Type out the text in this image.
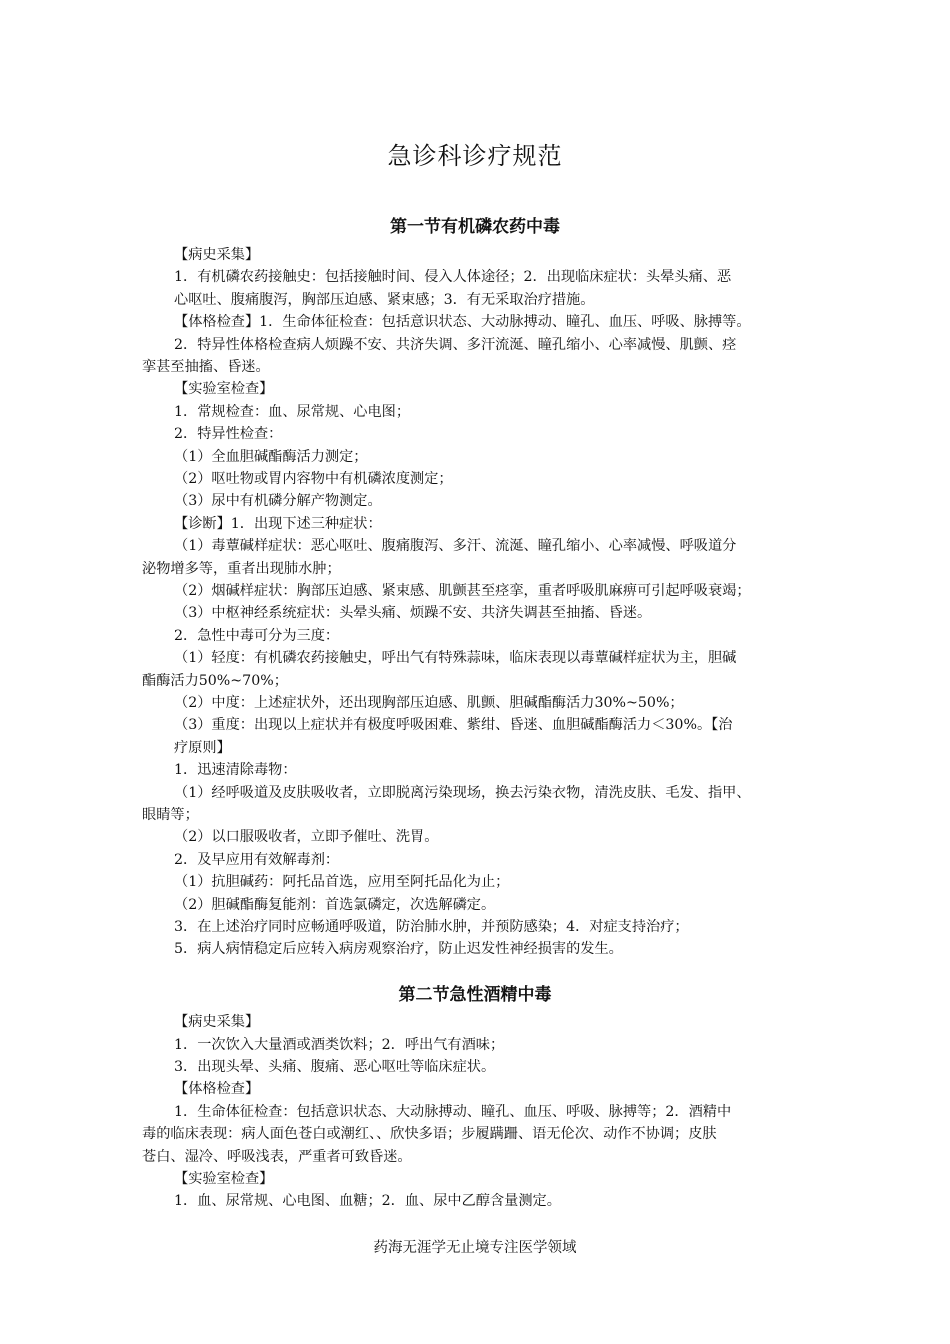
急诊科诊疗规范
第一节有机磷农药中毒
【病史采集】
1．有机磷农药接触史：包括接触时间、侵入人体途径；2．出现临床症状：头晕头痛、恶
心呕吐、腹痛腹泻，胸部压迫感、紧束感；3．有无采取治疗措施。
【体格检查】1．生命体征检查：包括意识状态、大动脉搏动、瞳孔、血压、呼吸、脉搏等。
2．特异性体格检查病人烦躁不安、共济失调、多汗流涎、瞳孔缩小、心率减慢、肌颤、痉
挛甚至抽搐、昏迷。
【实验室检查】
1．常规检查：血、尿常规、心电图；
2．特异性检查：
（1）全血胆碱酯酶活力测定；
（2）呕吐物或胃内容物中有机磷浓度测定；
（3）尿中有机磷分解产物测定。
【诊断】1．出现下述三种症状：
（1）毒蕈碱样症状：恶心呕吐、腹痛腹泻、多汗、流涎、瞳孔缩小、心率减慢、呼吸道分
泌物增多等，重者出现肺水肿；
（2）烟碱样症状：胸部压迫感、紧束感、肌颤甚至痉挛，重者呼吸肌麻痹可引起呼吸衰竭；
（3）中枢神经系统症状：头晕头痛、烦躁不安、共济失调甚至抽搐、昏迷。
2．急性中毒可分为三度：
（1）轻度：有机磷农药接触史，呼出气有特殊蒜味，临床表现以毒蕈碱样症状为主，胆碱
酯酶活力50%~70%；
（2）中度：上述症状外，还出现胸部压迫感、肌颤、胆碱酯酶活力30%~50%；
（3）重度：出现以上症状并有极度呼吸困难、紫绀、昏迷、血胆碱酯酶活力＜30%。【治
疗原则】
1．迅速清除毒物：
（1）经呼吸道及皮肤吸收者，立即脱离污染现场，换去污染衣物，清洗皮肤、毛发、指甲、
眼睛等；
（2）以口服吸收者，立即予催吐、洗胃。
2．及早应用有效解毒剂：
（1）抗胆碱药：阿托品首选，应用至阿托品化为止；
（2）胆碱酯酶复能剂：首选氯磷定，次选解磷定。
3．在上述治疗同时应畅通呼吸道，防治肺水肿，并预防感染；4．对症支持治疗；
5．病人病情稳定后应转入病房观察治疗，防止迟发性神经损害的发生。
第二节急性酒精中毒
【病史采集】
1．一次饮入大量酒或酒类饮料；2．呼出气有酒味；
3．出现头晕、头痛、腹痛、恶心呕吐等临床症状。
【体格检查】
1．生命体征检查：包括意识状态、大动脉搏动、瞳孔、血压、呼吸、脉搏等；2．酒精中
毒的临床表现：病人面色苍白或潮红、、欣快多语；步履蹒跚、语无伦次、动作不协调；皮肤
苍白、湿冷、呼吸浅表，严重者可致昏迷。
【实验室检查】
1．血、尿常规、心电图、血糖；2．血、尿中乙醇含量测定。
药海无涯学无止境专注医学领域
